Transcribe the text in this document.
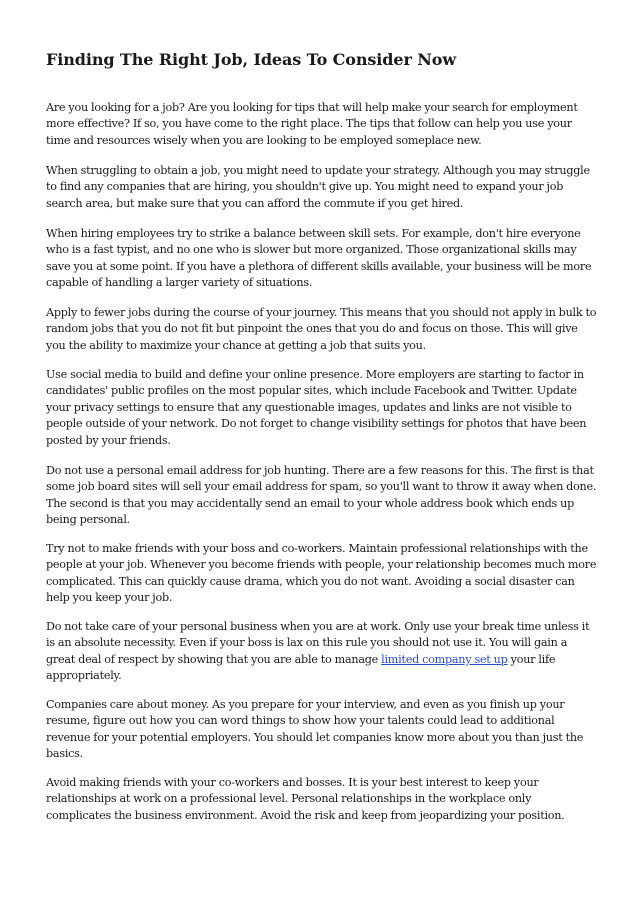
Finding The Right Job, Ideas To Consider Now

Are you looking for a job? Are you looking for tips that will help make your search for employment more effective? If so, you have come to the right place. The tips that follow can help you use your time and resources wisely when you are looking to be employed someplace new.

When struggling to obtain a job, you might need to update your strategy. Although you may struggle to find any companies that are hiring, you shouldn't give up. You might need to expand your job search area, but make sure that you can afford the commute if you get hired.

When hiring employees try to strike a balance between skill sets. For example, don't hire everyone who is a fast typist, and no one who is slower but more organized. Those organizational skills may save you at some point. If you have a plethora of different skills available, your business will be more capable of handling a larger variety of situations.

Apply to fewer jobs during the course of your journey. This means that you should not apply in bulk to random jobs that you do not fit but pinpoint the ones that you do and focus on those. This will give you the ability to maximize your chance at getting a job that suits you.

Use social media to build and define your online presence. More employers are starting to factor in candidates' public profiles on the most popular sites, which include Facebook and Twitter. Update your privacy settings to ensure that any questionable images, updates and links are not visible to people outside of your network. Do not forget to change visibility settings for photos that have been posted by your friends.

Do not use a personal email address for job hunting. There are a few reasons for this. The first is that some job board sites will sell your email address for spam, so you'll want to throw it away when done. The second is that you may accidentally send an email to your whole address book which ends up being personal.

Try not to make friends with your boss and co-workers. Maintain professional relationships with the people at your job. Whenever you become friends with people, your relationship becomes much more complicated. This can quickly cause drama, which you do not want. Avoiding a social disaster can help you keep your job.

Do not take care of your personal business when you are at work. Only use your break time unless it is an absolute necessity. Even if your boss is lax on this rule you should not use it. You will gain a great deal of respect by showing that you are able to manage limited company set up your life appropriately.

Companies care about money. As you prepare for your interview, and even as you finish up your resume, figure out how you can word things to show how your talents could lead to additional revenue for your potential employers. You should let companies know more about you than just the basics.

Avoid making friends with your co-workers and bosses. It is your best interest to keep your relationships at work on a professional level. Personal relationships in the workplace only complicates the business environment. Avoid the risk and keep from jeopardizing your position.
